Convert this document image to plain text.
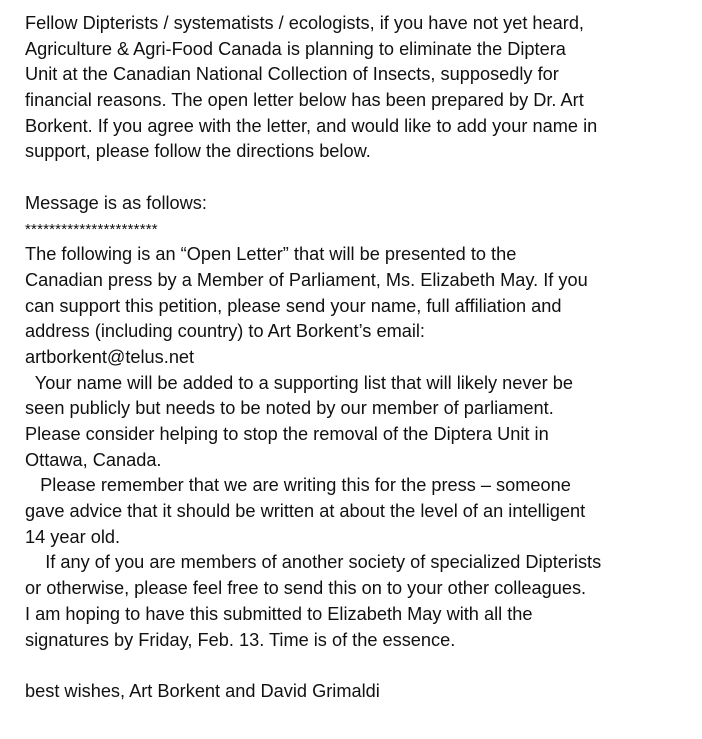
Fellow Dipterists / systematists / ecologists, if you have not yet heard,
Agriculture & Agri-Food Canada is planning to eliminate the Diptera
Unit at the Canadian National Collection of Insects, supposedly for
financial reasons. The open letter below has been prepared by Dr. Art
Borkent. If you agree with the letter, and would like to add your name in
support, please follow the directions below.
Message is as follows:
**********************
The following is an “Open Letter” that will be presented to the
Canadian press by a Member of Parliament, Ms. Elizabeth May. If you
can support this petition, please send your name, full affiliation and
address (including country) to Art Borkent’s email:
artborkent@telus.net
Your name will be added to a supporting list that will likely never be
seen publicly but needs to be noted by our member of parliament.
Please consider helping to stop the removal of the Diptera Unit in
Ottawa, Canada.
Please remember that we are writing this for the press – someone
gave advice that it should be written at about the level of an intelligent
14 year old.
If any of you are members of another society of specialized Dipterists
or otherwise, please feel free to send this on to your other colleagues.
I am hoping to have this submitted to Elizabeth May with all the
signatures by Friday, Feb. 13. Time is of the essence.
best wishes, Art Borkent and David Grimaldi
